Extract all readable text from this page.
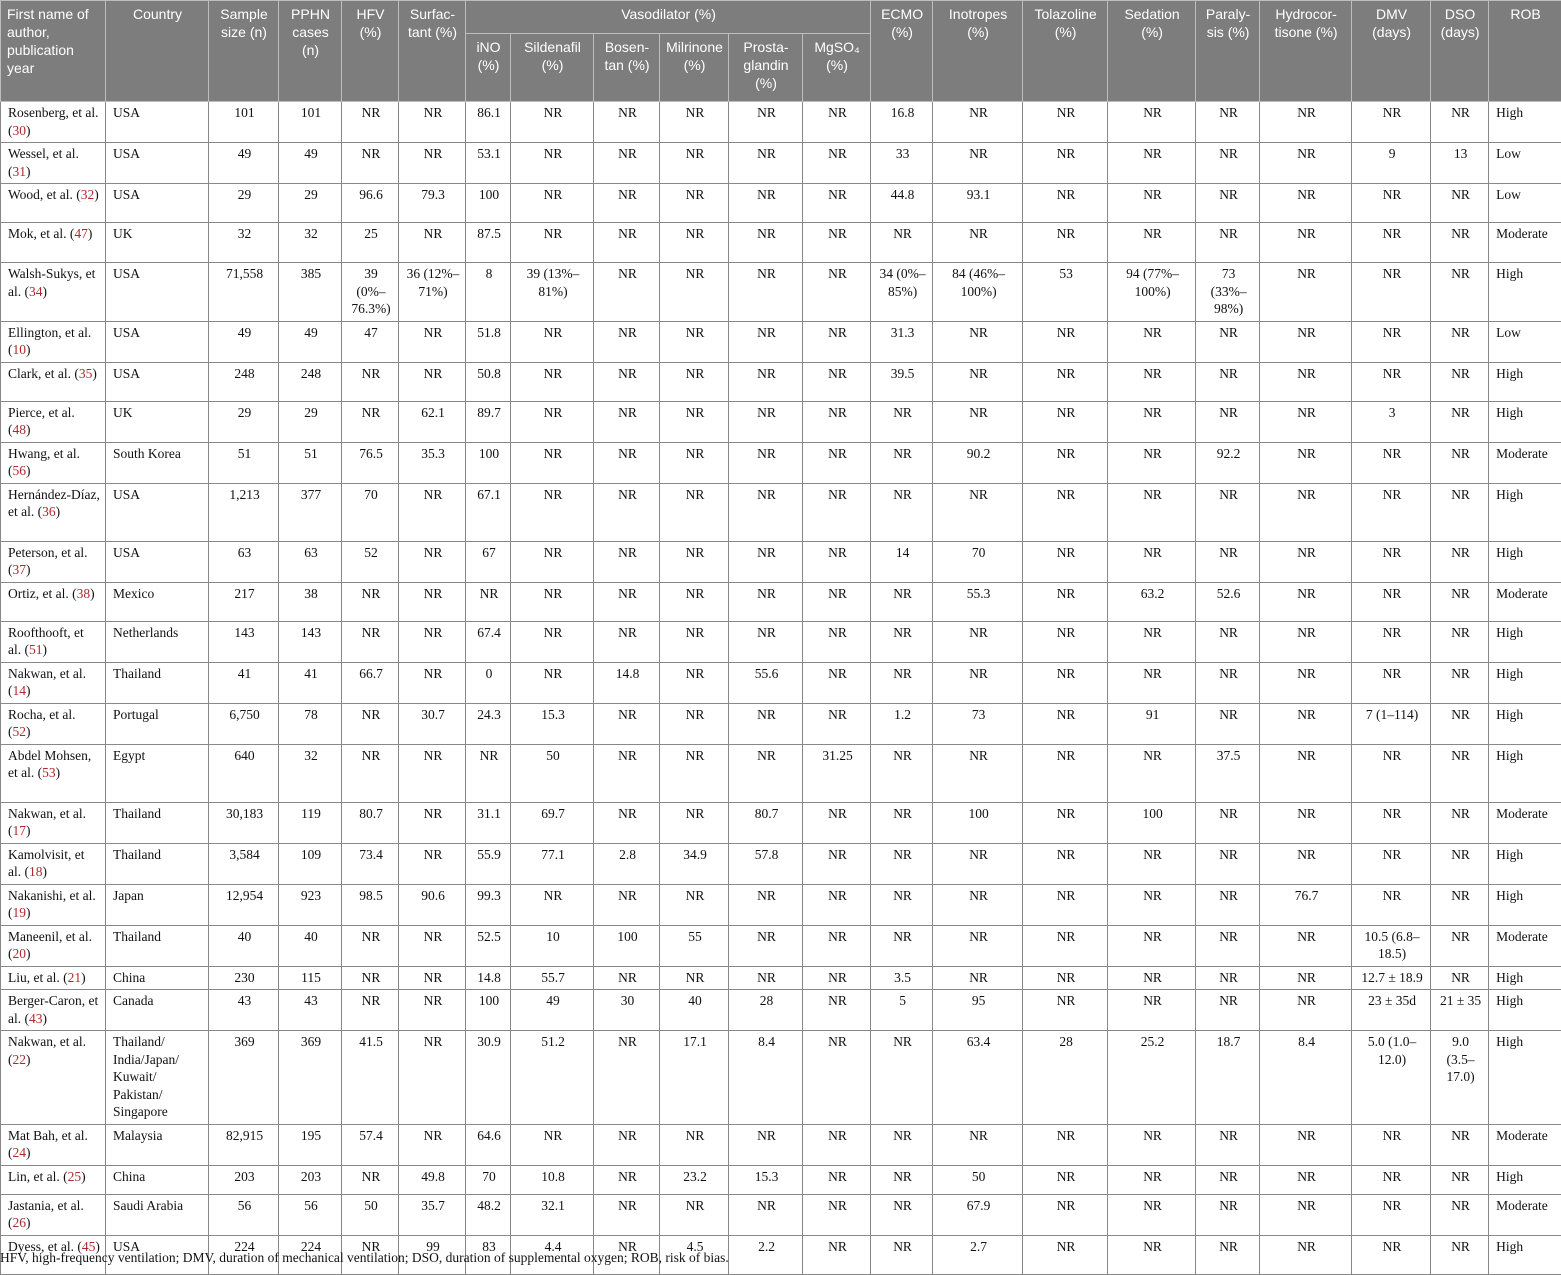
First name of author, publication year	Country	Sample size (n)	PPHN cases (n)	HFV (%)	Surfactant (%)	Vasodilator (%)						ECMO (%)	Inotropes (%)	Tolazoline (%)	Sedation (%)	Paralysis (%)	Hydrocortisone (%)	DMV (days)	DSO (days)	ROB
						iNO (%)	Sildenafil (%)	Bosentan (%)	Milrinone (%)	Prostaglandin (%)	MgSO₄ (%)									
Rosenberg, et al. (30)	USA	101	101	NR	NR	86.1	NR	NR	NR	NR	NR	16.8	NR	NR	NR	NR	NR	NR	NR	High
Wessel, et al. (31)	USA	49	49	NR	NR	53.1	NR	NR	NR	NR	NR	33	NR	NR	NR	NR	NR	9	13	Low
Wood, et al. (32)	USA	29	29	96.6	79.3	100	NR	NR	NR	NR	NR	44.8	93.1	NR	NR	NR	NR	NR	NR	Low
Mok, et al. (47)	UK	32	32	25	NR	87.5	NR	NR	NR	NR	NR	NR	NR	NR	NR	NR	NR	NR	NR	Moderate
Walsh-Sukys, et al. (34)	USA	71,558	385	39 (0%–76.3%)	36 (12%–71%)	8	39 (13%–81%)	NR	NR	NR	NR	34 (0%–85%)	84 (46%–100%)	53	94 (77%–100%)	73 (33%–98%)	NR	NR	NR	High
Ellington, et al. (10)	USA	49	49	47	NR	51.8	NR	NR	NR	NR	NR	31.3	NR	NR	NR	NR	NR	NR	NR	Low
Clark, et al. (35)	USA	248	248	NR	NR	50.8	NR	NR	NR	NR	NR	39.5	NR	NR	NR	NR	NR	NR	NR	High
Pierce, et al. (48)	UK	29	29	NR	62.1	89.7	NR	NR	NR	NR	NR	NR	NR	NR	NR	NR	NR	3	NR	High
Hwang, et al. (56)	South Korea	51	51	76.5	35.3	100	NR	NR	NR	NR	NR	NR	90.2	NR	NR	92.2	NR	NR	NR	Moderate
Hernández-Díaz, et al. (36)	USA	1,213	377	70	NR	67.1	NR	NR	NR	NR	NR	NR	NR	NR	NR	NR	NR	NR	NR	High
Peterson, et al. (37)	USA	63	63	52	NR	67	NR	NR	NR	NR	NR	14	70	NR	NR	NR	NR	NR	NR	High
Ortiz, et al. (38)	Mexico	217	38	NR	NR	NR	NR	NR	NR	NR	NR	NR	55.3	NR	63.2	52.6	NR	NR	NR	Moderate
Roofthooft, et al. (51)	Netherlands	143	143	NR	NR	67.4	NR	NR	NR	NR	NR	NR	NR	NR	NR	NR	NR	NR	NR	High
Nakwan, et al. (14)	Thailand	41	41	66.7	NR	0	NR	14.8	NR	55.6	NR	NR	NR	NR	NR	NR	NR	NR	NR	High
Rocha, et al. (52)	Portugal	6,750	78	NR	30.7	24.3	15.3	NR	NR	NR	NR	1.2	73	NR	91	NR	NR	7 (1–114)	NR	High
Abdel Mohsen, et al. (53)	Egypt	640	32	NR	NR	NR	50	NR	NR	NR	31.25	NR	NR	NR	NR	37.5	NR	NR	NR	High
Nakwan, et al. (17)	Thailand	30,183	119	80.7	NR	31.1	69.7	NR	NR	80.7	NR	NR	100	NR	100	NR	NR	NR	NR	Moderate
Kamolvisit, et al. (18)	Thailand	3,584	109	73.4	NR	55.9	77.1	2.8	34.9	57.8	NR	NR	NR	NR	NR	NR	NR	NR	NR	High
Nakanishi, et al. (19)	Japan	12,954	923	98.5	90.6	99.3	NR	NR	NR	NR	NR	NR	NR	NR	NR	NR	76.7	NR	NR	High
Maneenil, et al. (20)	Thailand	40	40	NR	NR	52.5	10	100	55	NR	NR	NR	NR	NR	NR	NR	NR	10.5 (6.8–18.5)	NR	Moderate
Liu, et al. (21)	China	230	115	NR	NR	14.8	55.7	NR	NR	NR	NR	3.5	NR	NR	NR	NR	NR	12.7 ± 18.9	NR	High
Berger-Caron, et al. (43)	Canada	43	43	NR	NR	100	49	30	40	28	NR	5	95	NR	NR	NR	NR	23 ± 35d	21 ± 35	High
Nakwan, et al. (22)	Thailand/ India/Japan/ Kuwait/ Pakistan/ Singapore	369	369	41.5	NR	30.9	51.2	NR	17.1	8.4	NR	NR	63.4	28	25.2	18.7	8.4	5.0 (1.0–12.0)	9.0 (3.5–17.0)	High
Mat Bah, et al. (24)	Malaysia	82,915	195	57.4	NR	64.6	NR	NR	NR	NR	NR	NR	NR	NR	NR	NR	NR	NR	NR	Moderate
Lin, et al. (25)	China	203	203	NR	49.8	70	10.8	NR	23.2	15.3	NR	NR	50	NR	NR	NR	NR	NR	NR	High
Jastania, et al. (26)	Saudi Arabia	56	56	50	35.7	48.2	32.1	NR	NR	NR	NR	NR	67.9	NR	NR	NR	NR	NR	NR	Moderate
Dyess, et al. (45)	USA	224	224	NR	99	83	4.4	NR	4.5	2.2	NR	NR	2.7	NR	NR	NR	NR	NR	NR	High
HFV, high-frequency ventilation; DMV, duration of mechanical ventilation; DSO, duration of supplemental oxygen; ROB, risk of bias.
